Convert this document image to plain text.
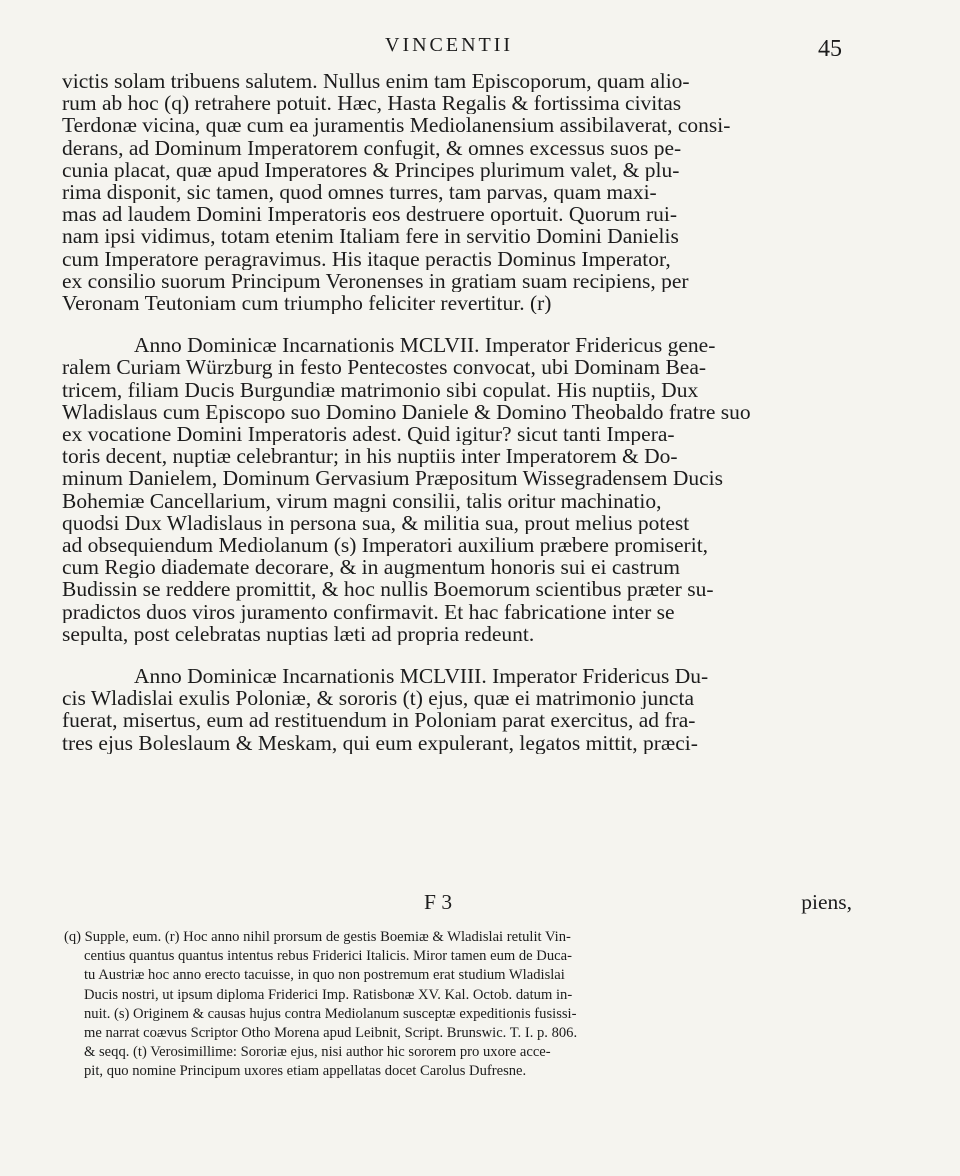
VINCENTII	45

victis solam tribuens salutem. Nullus enim tam Episcoporum, quam alio-

rum ab hoc (q) retrahere potuit. Hæc, Hasta Regalis & fortissima civitas

Terdonæ vicina, quæ cum ea juramentis Mediolanensium assibilaverat, consi-

derans, ad Dominum Imperatorem confugit, & omnes excessus suos pe-

cunia placat, quæ apud Imperatores & Principes plurimum valet, & plu-

rima disponit, sic tamen, quod omnes turres, tam parvas, quam maxi-

mas ad laudem Domini Imperatoris eos destruere oportuit. Quorum rui-

nam ipsi vidimus, totam etenim Italiam fere in servitio Domini Danielis

cum Imperatore peragravimus. His itaque peractis Dominus Imperator,

ex consilio suorum Principum Veronenses in gratiam suam recipiens, per

Veronam Teutoniam cum triumpho feliciter revertitur. (r)

Anno Dominicæ Incarnationis MCLVII. Imperator Fridericus gene-

ralem Curiam Würzburg in festo Pentecostes convocat, ubi Dominam Bea-

tricem, filiam Ducis Burgundiæ matrimonio sibi copulat. His nuptiis, Dux

Wladislaus cum Episcopo suo Domino Daniele & Domino Theobaldo fratre suo

ex vocatione Domini Imperatoris adest. Quid igitur? sicut tanti Impera-

toris decent, nuptiæ celebrantur; in his nuptiis inter Imperatorem & Do-

minum Danielem, Dominum Gervasium Præpositum Wissegradensem Ducis

Bohemiæ Cancellarium, virum magni consilii, talis oritur machinatio,

quodsi Dux Wladislaus in persona sua, & militia sua, prout melius potest

ad obsequiendum Mediolanum (s) Imperatori auxilium præbere promiserit,

cum Regio diademate decorare, & in augmentum honoris sui ei castrum

Budissin se reddere promittit, & hoc nullis Boemorum scientibus præter su-

pradictos duos viros juramento confirmavit. Et hac fabricatione inter se

sepulta, post celebratas nuptias læti ad propria redeunt.

Anno Dominicæ Incarnationis MCLVIII. Imperator Fridericus Du-

cis Wladislai exulis Poloniæ, & sororis (t) ejus, quæ ei matrimonio juncta

fuerat, misertus, eum ad restituendum in Poloniam parat exercitus, ad fra-

tres ejus Boleslaum & Meskam, qui eum expulerant, legatos mittit, præci-

F 3	piens,

(q) Supple, eum. (r) Hoc anno nihil prorsum de gestis Boemiæ & Wladislai retulit Vin-

centius quantus quantus intentus rebus Friderici Italicis. Miror tamen eum de Duca-

tu Austriæ hoc anno erecto tacuisse, in quo non postremum erat studium Wladislai

Ducis nostri, ut ipsum diploma Friderici Imp. Ratisbonæ XV. Kal. Octob. datum in-

nuit. (s) Originem & causas hujus contra Mediolanum susceptæ expeditionis fusissi-

me narrat coævus Scriptor Otho Morena apud Leibnit, Script. Brunswic. T. I. p. 806.

& seqq. (t) Verosimillime: Sororiæ ejus, nisi author hic sororem pro uxore acce-

pit, quo nomine Principum uxores etiam appellatas docet Carolus Dufresne.
